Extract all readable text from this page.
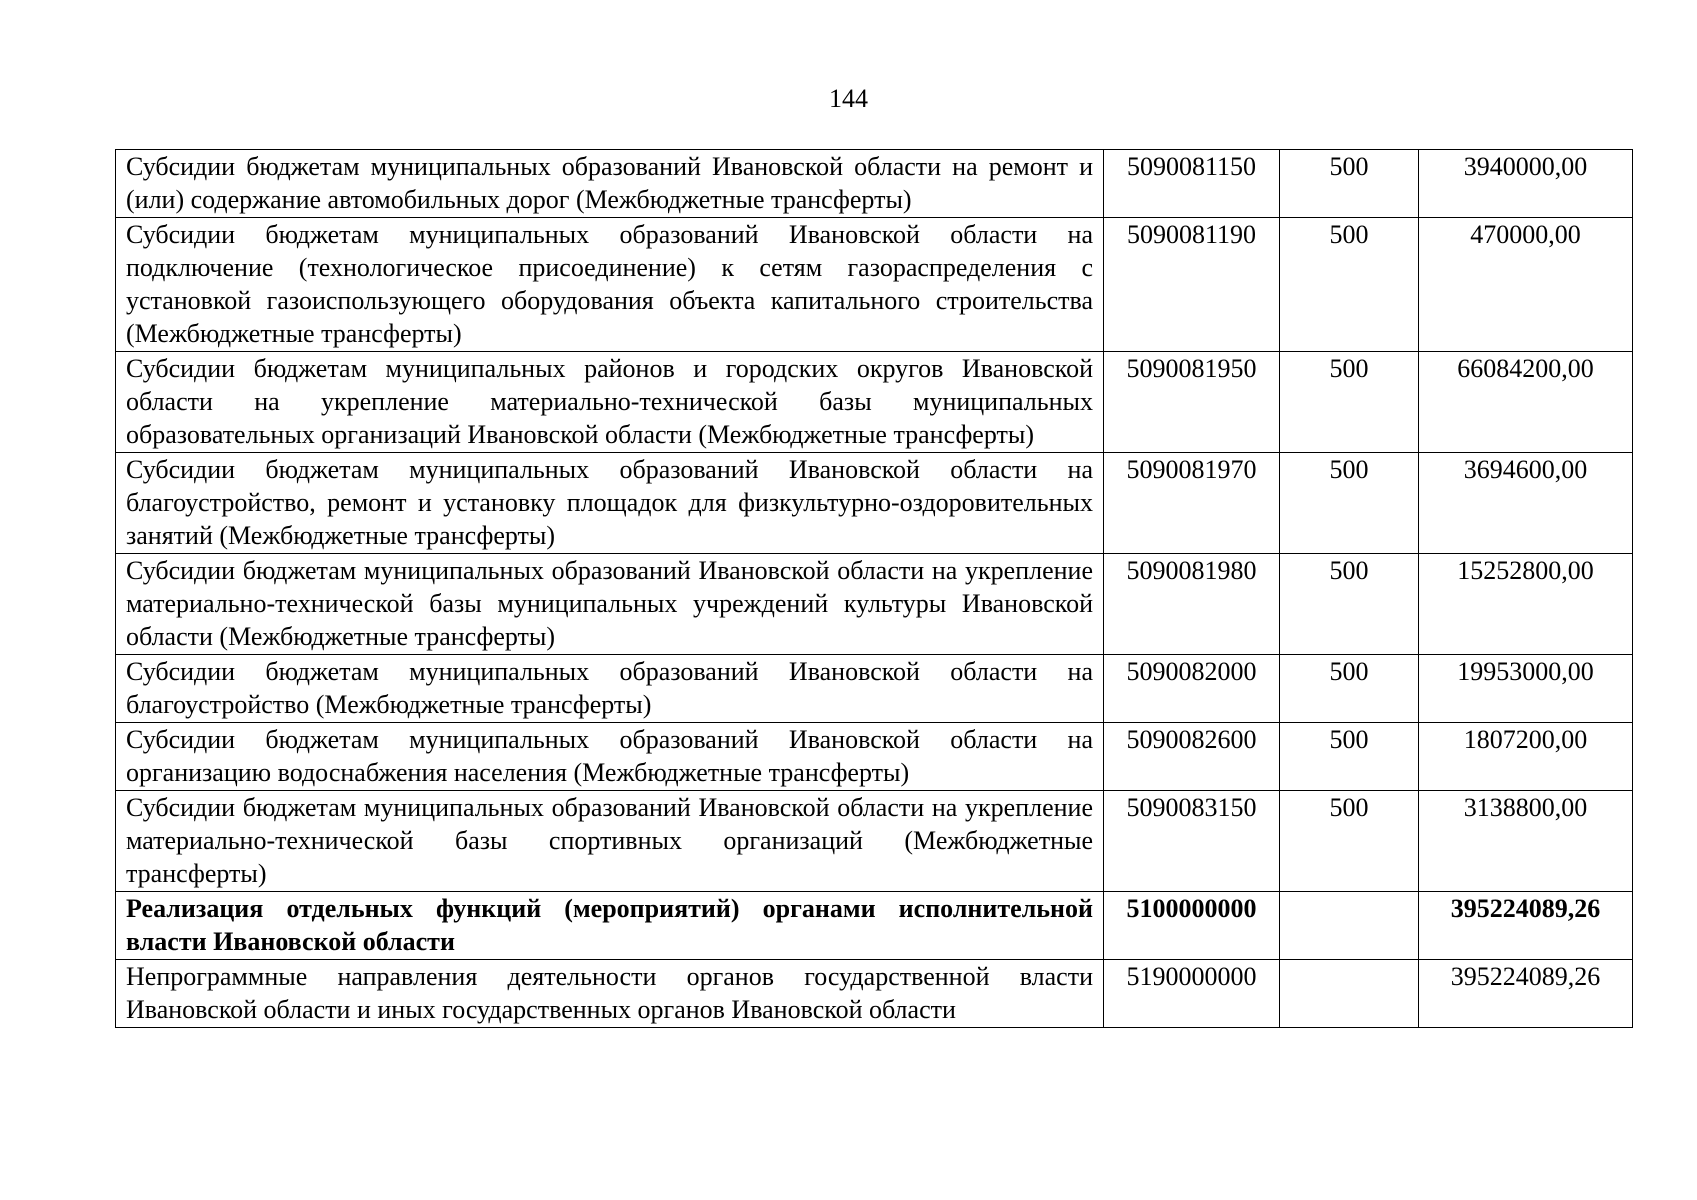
144
Субсидии бюджетам муниципальных образований Ивановской области на ремонт и (или) содержание автомобильных дорог (Межбюджетные трансферты)	5090081150	500	3940000,00
Субсидии бюджетам муниципальных образований Ивановской области на подключение (технологическое присоединение) к сетям газораспределения с установкой газоиспользующего оборудования объекта капитального строительства (Межбюджетные трансферты)	5090081190	500	470000,00
Субсидии бюджетам муниципальных районов и городских округов Ивановской области на укрепление материально-технической базы муниципальных образовательных организаций Ивановской области (Межбюджетные трансферты)	5090081950	500	66084200,00
Субсидии бюджетам муниципальных образований Ивановской области на благоустройство, ремонт и установку площадок для физкультурно-оздоровительных занятий (Межбюджетные трансферты)	5090081970	500	3694600,00
Субсидии бюджетам муниципальных образований Ивановской области на укрепление материально-технической базы муниципальных учреждений культуры Ивановской области (Межбюджетные трансферты)	5090081980	500	15252800,00
Субсидии бюджетам муниципальных образований Ивановской области на благоустройство (Межбюджетные трансферты)	5090082000	500	19953000,00
Субсидии бюджетам муниципальных образований Ивановской области на организацию водоснабжения населения (Межбюджетные трансферты)	5090082600	500	1807200,00
Субсидии бюджетам муниципальных образований Ивановской области на укрепление материально-технической базы спортивных организаций (Межбюджетные трансферты)	5090083150	500	3138800,00
Реализация отдельных функций (мероприятий) органами исполнительной власти Ивановской области	5100000000		395224089,26
Непрограммные направления деятельности органов государственной власти Ивановской области и иных государственных органов Ивановской области	5190000000		395224089,26
